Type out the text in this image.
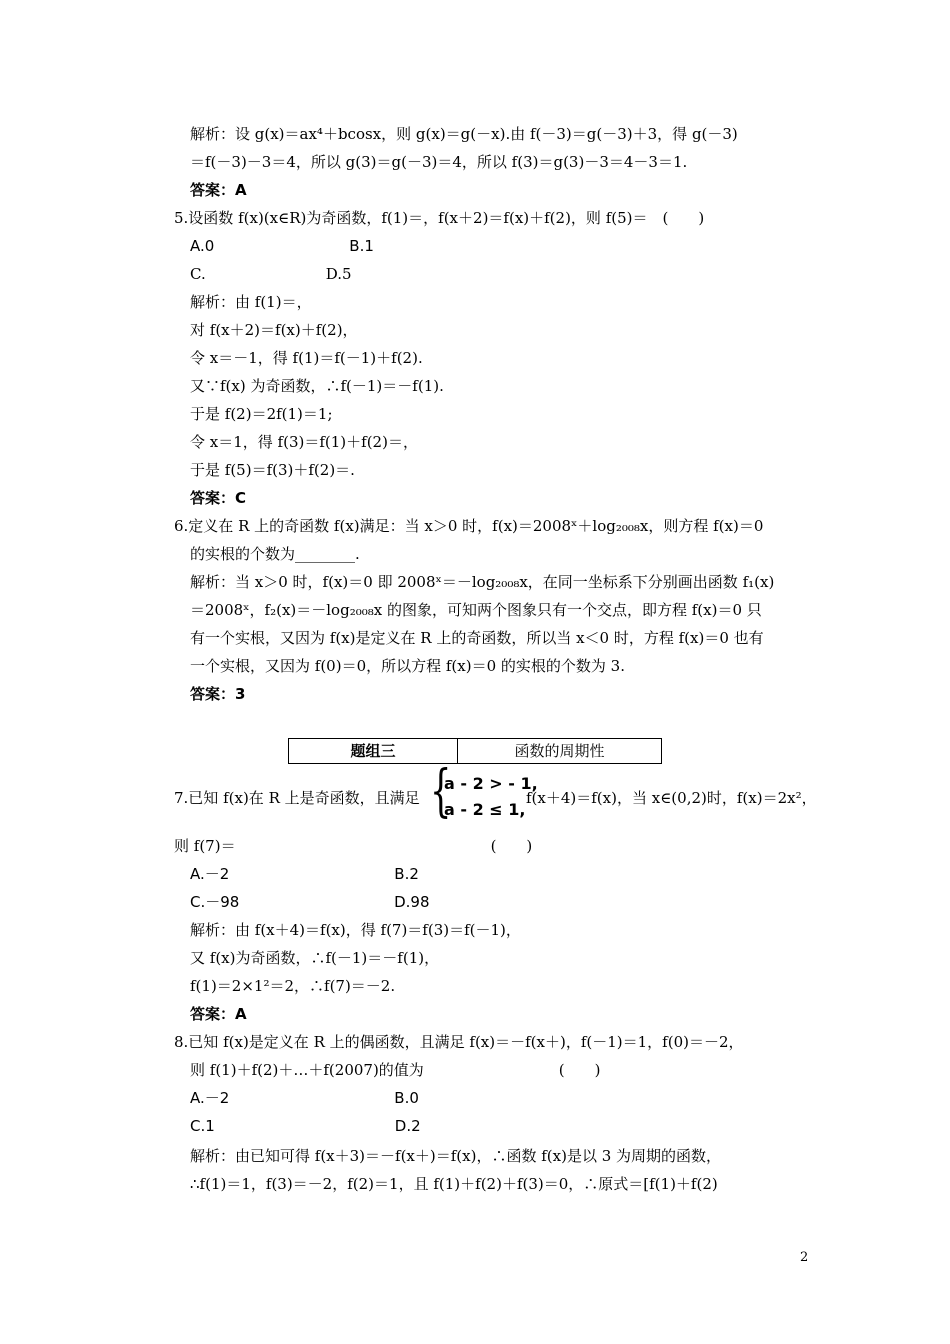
解析：设 g(x)＝ax⁴＋bcosx，则 g(x)＝g(－x).由 f(－3)＝g(－3)＋3，得 g(－3)
＝f(－3)－3＝4，所以 g(3)＝g(－3)＝4，所以 f(3)＝g(3)－3＝4－3＝1.
答案：A
5.设函数 f(x)(x∈R)为奇函数，f(1)＝，f(x＋2)＝f(x)＋f(2)，则 f(5)＝　(　　)
A.0　　　　　　　　　B.1
C.　　　　　　　　D.5
解析：由 f(1)＝，
对 f(x＋2)＝f(x)＋f(2)，
令 x＝－1，得 f(1)＝f(－1)＋f(2).
又∵f(x) 为奇函数，∴f(－1)＝－f(1).
于是 f(2)＝2f(1)＝1;
令 x＝1，得 f(3)＝f(1)＋f(2)＝，
于是 f(5)＝f(3)＋f(2)＝.
答案：C
6.定义在 R 上的奇函数 f(x)满足：当 x＞0 时，f(x)＝2008ˣ＋log₂₀₀₈x，则方程 f(x)＝0
的实根的个数为________.
解析：当 x＞0 时，f(x)＝0 即 2008ˣ＝－log₂₀₀₈x，在同一坐标系下分别画出函数 f₁(x)
＝2008ˣ，f₂(x)＝－log₂₀₀₈x 的图象，可知两个图象只有一个交点，即方程 f(x)＝0 只
有一个实根，又因为 f(x)是定义在 R 上的奇函数，所以当 x＜0 时，方程 f(x)＝0 也有
一个实根，又因为 f(0)＝0，所以方程 f(x)＝0 的实根的个数为 3.
答案：3
题组三	函数的周期性
7.已知 f(x)在 R 上是奇函数，且满足 {
a - 2 > - 1,
a - 2 ≤ 1,
f(x＋4)＝f(x)，当 x∈(0,2)时，f(x)＝2x²，
则 f(7)＝　　　　　　　　　　　　　　　　　(　　)
A.－2　　　　　　　　　　　B.2
C.－98　　　　　　　　　　 D.98
解析：由 f(x＋4)＝f(x)，得 f(7)＝f(3)＝f(－1)，
又 f(x)为奇函数，∴f(－1)＝－f(1)，
f(1)＝2×1²＝2，∴f(7)＝－2.
答案：A
8.已知 f(x)是定义在 R 上的偶函数，且满足 f(x)＝－f(x＋)，f(－1)＝1，f(0)＝－2，
则 f(1)＋f(2)＋…＋f(2007)的值为　　　　　　　　　(　　)
A.－2　　　　　　　　　　　B.0
C.1　　　　　　　　　　　　D.2
解析：由已知可得 f(x＋3)＝－f(x＋)＝f(x)，∴函数 f(x)是以 3 为周期的函数，
∴f(1)＝1，f(3)＝－2，f(2)＝1，且 f(1)＋f(2)＋f(3)＝0，∴原式＝[f(1)＋f(2)
2
